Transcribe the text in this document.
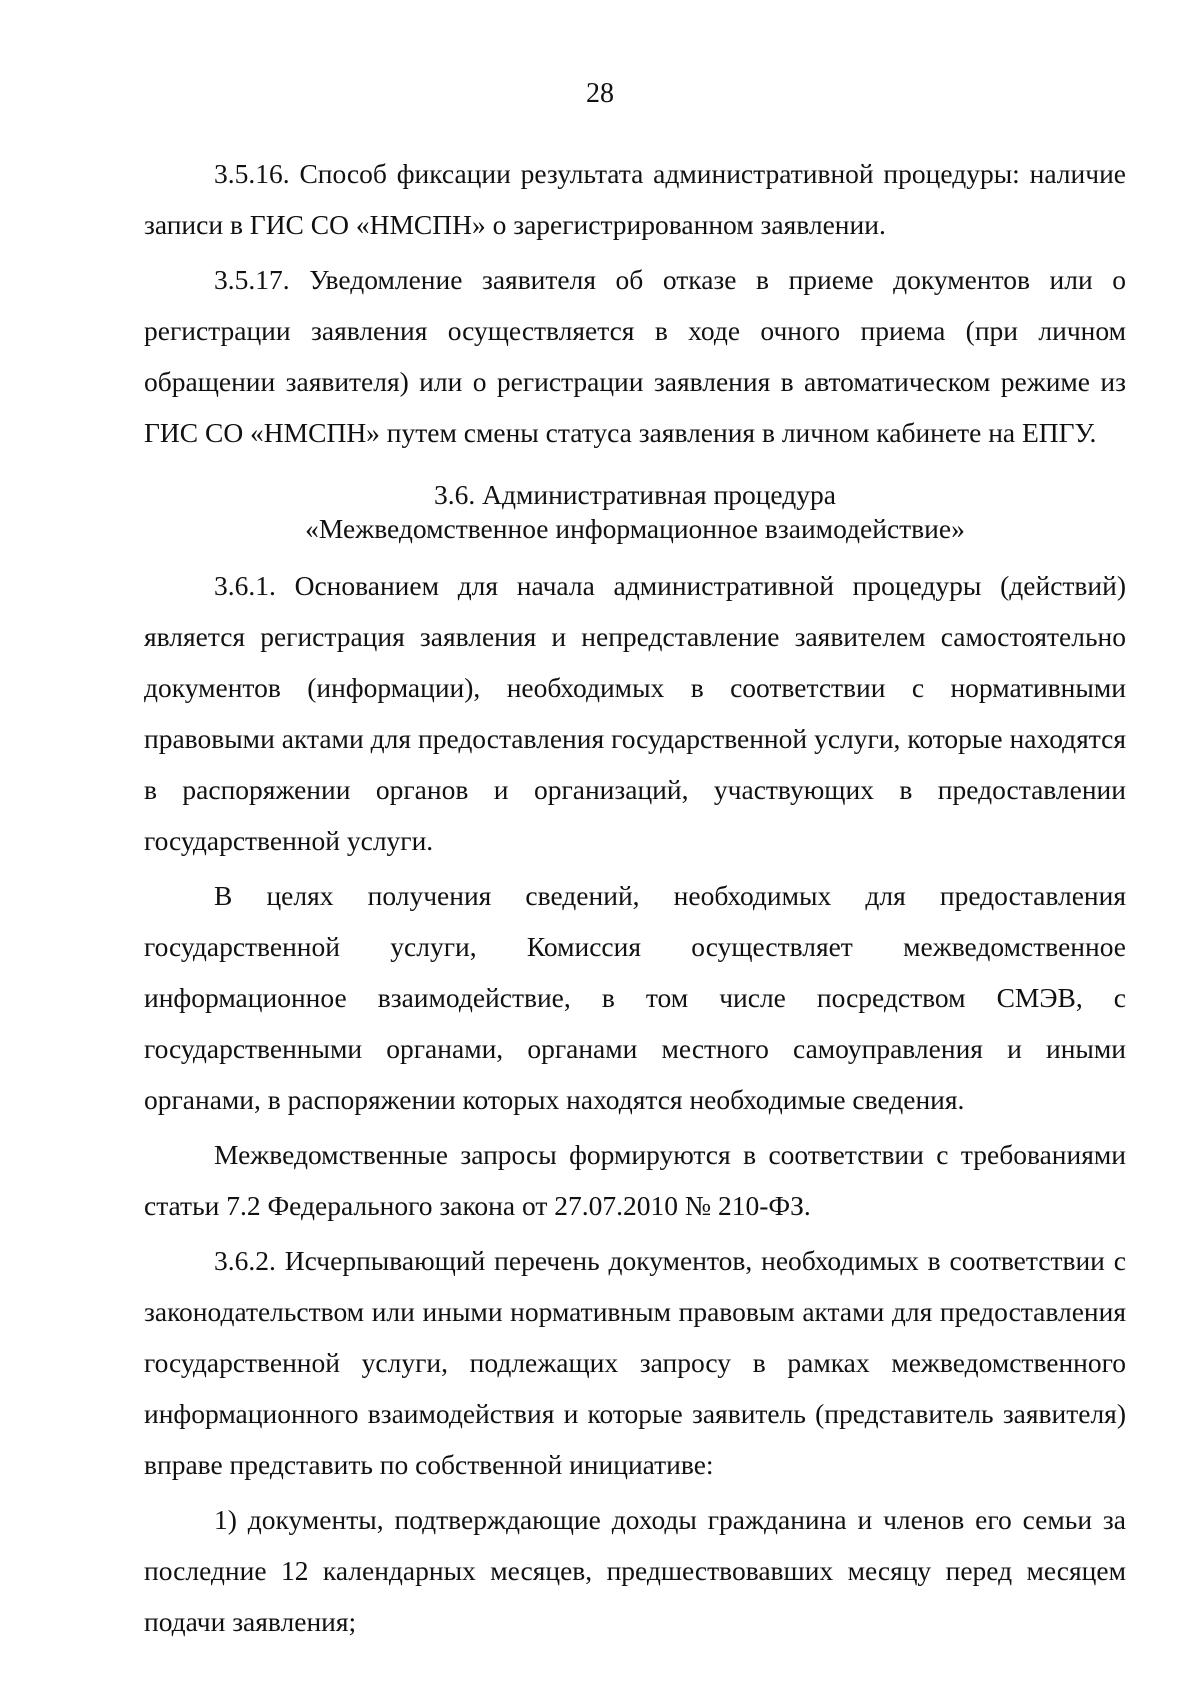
28

3.5.16. Способ фиксации результата административной процедуры: наличие записи в ГИС СО «НМСПН» о зарегистрированном заявлении.

3.5.17. Уведомление заявителя об отказе в приеме документов или о регистрации заявления осуществляется в ходе очного приема (при личном обращении заявителя) или о регистрации заявления в автоматическом режиме из ГИС СО «НМСПН» путем смены статуса заявления в личном кабинете на ЕПГУ.

3.6. Административная процедура
«Межведомственное информационное взаимодействие»

3.6.1. Основанием для начала административной процедуры (действий) является регистрация заявления и непредставление заявителем самостоятельно документов (информации), необходимых в соответствии с нормативными правовыми актами для предоставления государственной услуги, которые находятся в распоряжении органов и организаций, участвующих в предоставлении государственной услуги.

В целях получения сведений, необходимых для предоставления государственной услуги, Комиссия осуществляет межведомственное информационное взаимодействие, в том числе посредством СМЭВ, с государственными органами, органами местного самоуправления и иными органами, в распоряжении которых находятся необходимые сведения.

Межведомственные запросы формируются в соответствии с требованиями статьи 7.2 Федерального закона от 27.07.2010 № 210-ФЗ.

3.6.2. Исчерпывающий перечень документов, необходимых в соответствии с законодательством или иными нормативным правовым актами для предоставления государственной услуги, подлежащих запросу в рамках межведомственного информационного взаимодействия и которые заявитель (представитель заявителя) вправе представить по собственной инициативе:

1) документы, подтверждающие доходы гражданина и членов его семьи за последние 12 календарных месяцев, предшествовавших месяцу перед месяцем подачи заявления;
